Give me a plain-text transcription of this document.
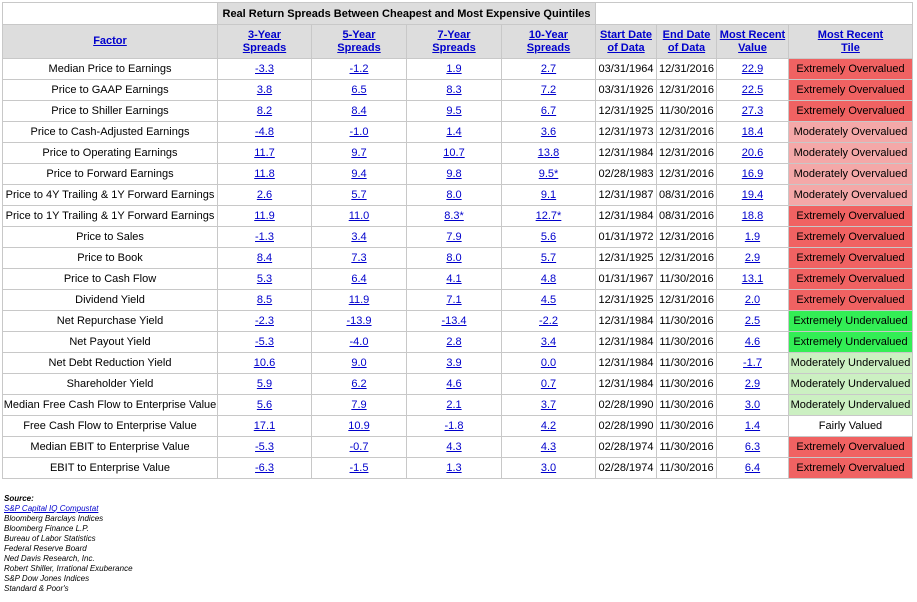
	Real Return Spreads Between Cheapest and Most Expensive Quintiles							
Factor	3-Year Spreads	5-Year Spreads	7-Year Spreads	10-Year Spreads	Start Date of Data	End Date of Data	Most Recent Value	Most Recent Tile
Median Price to Earnings	-3.3	-1.2	1.9	2.7	03/31/1964	12/31/2016	22.9	Extremely Overvalued
Price to GAAP Earnings	3.8	6.5	8.3	7.2	03/31/1926	12/31/2016	22.5	Extremely Overvalued
Price to Shiller Earnings	8.2	8.4	9.5	6.7	12/31/1925	11/30/2016	27.3	Extremely Overvalued
Price to Cash-Adjusted Earnings	-4.8	-1.0	1.4	3.6	12/31/1973	12/31/2016	18.4	Moderately Overvalued
Price to Operating Earnings	11.7	9.7	10.7	13.8	12/31/1984	12/31/2016	20.6	Moderately Overvalued
Price to Forward Earnings	11.8	9.4	9.8	9.5*	02/28/1983	12/31/2016	16.9	Moderately Overvalued
Price to 4Y Trailing & 1Y Forward Earnings	2.6	5.7	8.0	9.1	12/31/1987	08/31/2016	19.4	Moderately Overvalued
Price to 1Y Trailing & 1Y Forward Earnings	11.9	11.0	8.3*	12.7*	12/31/1984	08/31/2016	18.8	Extremely Overvalued
Price to Sales	-1.3	3.4	7.9	5.6	01/31/1972	12/31/2016	1.9	Extremely Overvalued
Price to Book	8.4	7.3	8.0	5.7	12/31/1925	12/31/2016	2.9	Extremely Overvalued
Price to Cash Flow	5.3	6.4	4.1	4.8	01/31/1967	11/30/2016	13.1	Extremely Overvalued
Dividend Yield	8.5	11.9	7.1	4.5	12/31/1925	12/31/2016	2.0	Extremely Overvalued
Net Repurchase Yield	-2.3	-13.9	-13.4	-2.2	12/31/1984	11/30/2016	2.5	Extremely Undervalued
Net Payout Yield	-5.3	-4.0	2.8	3.4	12/31/1984	11/30/2016	4.6	Extremely Undervalued
Net Debt Reduction Yield	10.6	9.0	3.9	0.0	12/31/1984	11/30/2016	-1.7	Moderately Undervalued
Shareholder Yield	5.9	6.2	4.6	0.7	12/31/1984	11/30/2016	2.9	Moderately Undervalued
Median Free Cash Flow to Enterprise Value	5.6	7.9	2.1	3.7	02/28/1990	11/30/2016	3.0	Moderately Undervalued
Free Cash Flow to Enterprise Value	17.1	10.9	-1.8	4.2	02/28/1990	11/30/2016	1.4	Fairly Valued
Median EBIT to Enterprise Value	-5.3	-0.7	4.3	4.3	02/28/1974	11/30/2016	6.3	Extremely Overvalued
EBIT to Enterprise Value	-6.3	-1.5	1.3	3.0	02/28/1974	11/30/2016	6.4	Extremely Overvalued
Source:
S&P Capital IQ Compustat
Bloomberg Barclays Indices
Bloomberg Finance L.P.
Bureau of Labor Statistics
Federal Reserve Board
Ned Davis Research, Inc.
Robert Shiller, Irrational Exuberance
S&P Dow Jones Indices
Standard & Poor's
